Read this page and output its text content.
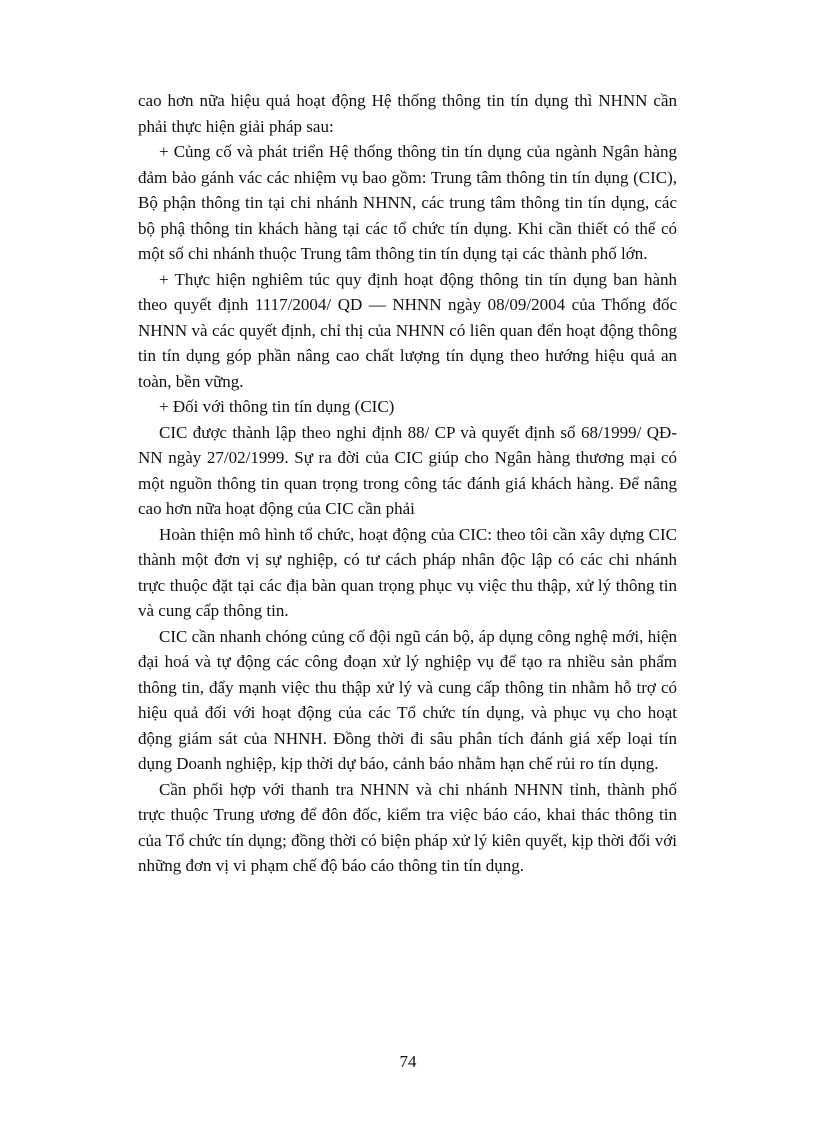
cao hơn nữa hiệu quả hoạt động Hệ thống thông tin tín dụng thì NHNN cần phải thực hiện giải pháp sau:

+ Củng cố và phát triển Hệ thống thông tin tín dụng của ngành Ngân hàng đảm bảo gánh vác các nhiệm vụ bao gồm: Trung tâm thông tin tín dụng (CIC), Bộ phận thông tin tại chi nhánh NHNN, các trung tâm thông tin tín dụng, các bộ phậ thông tin khách hàng tại các tổ chức tín dụng. Khi cần thiết có thể có một số chi nhánh thuộc Trung tâm thông tin tín dụng tại các thành phố lớn.

+ Thực hiện nghiêm túc quy định hoạt động thông tin tín dụng ban hành theo quyết định 1117/2004/ QD — NHNN ngày 08/09/2004 của Thống đốc NHNN và các quyết định, chỉ thị của NHNN có liên quan đến hoạt động thông tin tín dụng góp phần nâng cao chất lượng tín dụng theo hướng hiệu quả an toàn, bền vững.

+ Đối với thông tin tín dụng (CIC)

CIC được thành lập theo nghi định 88/ CP và quyết định số 68/1999/ QĐ-NN ngày 27/02/1999. Sự ra đời của CIC giúp cho Ngân hàng thương mại có một nguồn thông tin quan trọng trong công tác đánh giá khách hàng. Để nâng cao hơn nữa hoạt động của CIC cần phải

Hoàn thiện mô hình tổ chức, hoạt động của CIC: theo tôi cần xây dựng CIC thành một đơn vị sự nghiệp, có tư cách pháp nhân độc lập có các chi nhánh trực thuộc đặt tại các địa bàn quan trọng phục vụ việc thu thập, xử lý thông tin và cung cấp thông tin.

CIC cần nhanh chóng củng cố đội ngũ cán bộ, áp dụng công nghệ mới, hiện đại hoá và tự động các công đoạn xử lý nghiệp vụ để tạo ra nhiều sản phẩm thông tin, đẩy mạnh việc thu thập xử lý và cung cấp thông tin nhằm hỗ trợ có hiệu quả đối với hoạt động của các Tổ chức tín dụng, và phục vụ cho hoạt động giám sát của NHNH. Đồng thời đi sâu phân tích đánh giá xếp loại tín dụng Doanh nghiệp, kịp thời dự báo, cảnh báo nhằm hạn chế rủi ro tín dụng.

Cần phối hợp với thanh tra NHNN và chi nhánh NHNN tỉnh, thành phố trực thuộc Trung ương để đôn đốc, kiểm tra việc báo cáo, khai thác thông tin của Tổ chức tín dụng; đồng thời có biện pháp xử lý kiên quyết, kịp thời đối với những đơn vị vi phạm chế độ báo cáo thông tin tín dụng.

74
